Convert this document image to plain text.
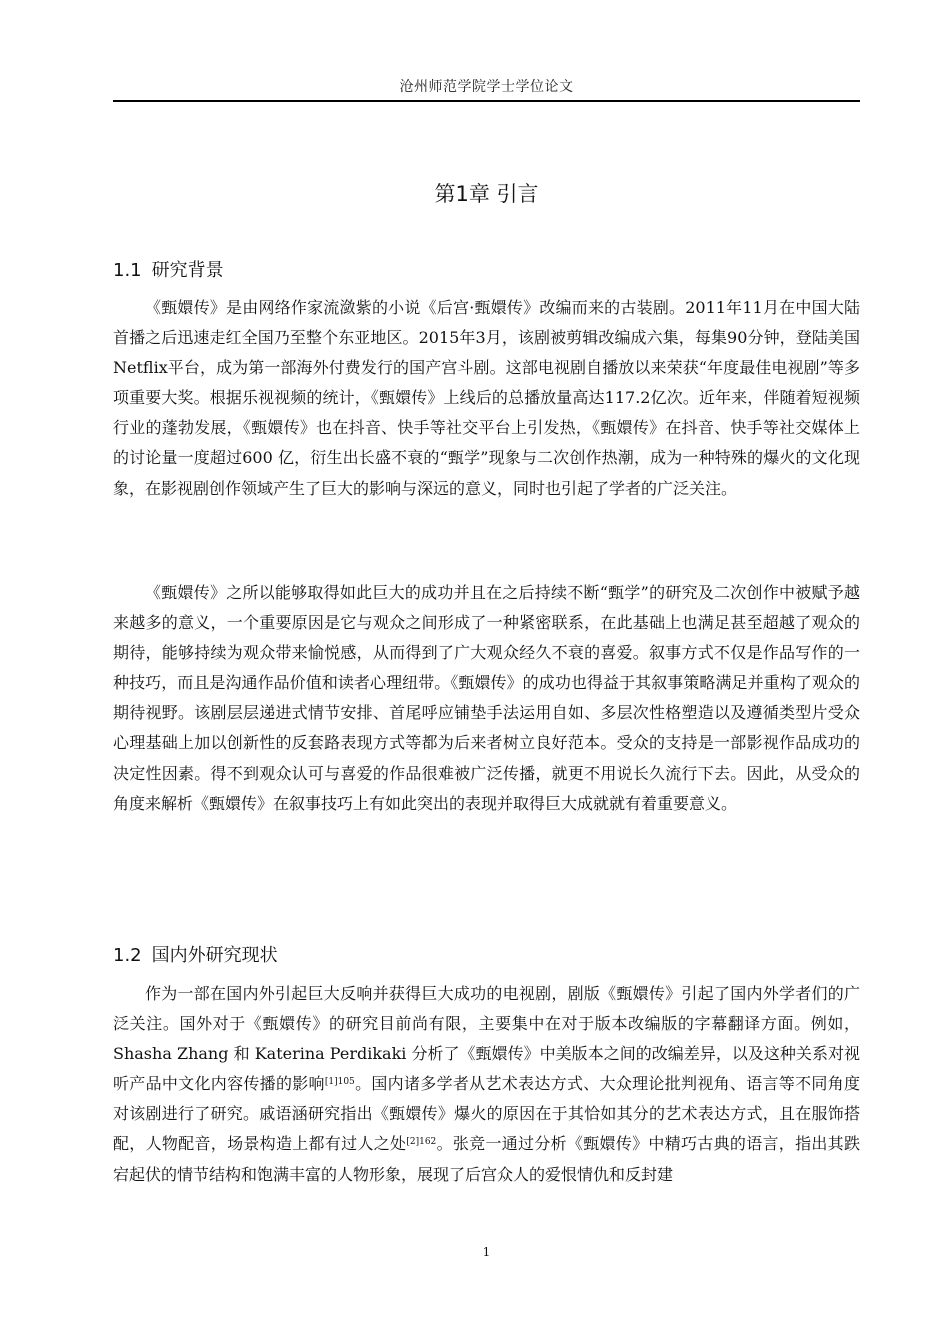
沧州师范学院学士学位论文
第1章 引言
1.1 研究背景

《甄嬛传》是由网络作家流潋紫的小说《后宫·甄嬛传》改编而来的古装剧。2011年11月在中国大陆首播之后迅速走红全国乃至整个东亚地区。2015年3月，该剧被剪辑改编成六集，每集90分钟，登陆美国Netflix平台，成为第一部海外付费发行的国产宫斗剧。这部电视剧自播放以来荣获“年度最佳电视剧”等多项重要大奖。根据乐视视频的统计，《甄嬛传》上线后的总播放量高达117.2亿次。近年来，伴随着短视频行业的蓬勃发展，《甄嬛传》也在抖音、快手等社交平台上引发热，《甄嬛传》在抖音、快手等社交媒体上的讨论量一度超过600 亿，衍生出长盛不衰的“甄学”现象与二次创作热潮，成为一种特殊的爆火的文化现象，在影视剧创作领域产生了巨大的影响与深远的意义，同时也引起了学者的广泛关注。

《甄嬛传》之所以能够取得如此巨大的成功并且在之后持续不断“甄学”的研究及二次创作中被赋予越来越多的意义，一个重要原因是它与观众之间形成了一种紧密联系，在此基础上也满足甚至超越了观众的期待，能够持续为观众带来愉悦感，从而得到了广大观众经久不衰的喜爱。叙事方式不仅是作品写作的一种技巧，而且是沟通作品价值和读者心理纽带。《甄嬛传》的成功也得益于其叙事策略满足并重构了观众的期待视野。该剧层层递进式情节安排、首尾呼应铺垫手法运用自如、多层次性格塑造以及遵循类型片受众心理基础上加以创新性的反套路表现方式等都为后来者树立良好范本。受众的支持是一部影视作品成功的决定性因素。得不到观众认可与喜爱的作品很难被广泛传播，就更不用说长久流行下去。因此，从受众的角度来解析《甄嬛传》在叙事技巧上有如此突出的表现并取得巨大成就就有着重要意义。

1.2 国内外研究现状

作为一部在国内外引起巨大反响并获得巨大成功的电视剧，剧版《甄嬛传》引起了国内外学者们的广泛关注。国外对于《甄嬛传》的研究目前尚有限，主要集中在对于版本改编版的字幕翻译方面。例如，Shasha Zhang 和 Katerina Perdikaki 分析了《甄嬛传》中美版本之间的改编差异，以及这种关系对视听产品中文化内容传播的影响$^{[1]105}$。国内诸多学者从艺术表达方式、大众理论批判视角、语言等不同角度对该剧进行了研究。戚语涵研究指出《甄嬛传》爆火的原因在于其恰如其分的艺术表达方式，且在服饰搭配，人物配音，场景构造上都有过人之处$^{[2]162}$。张竞一通过分析《甄嬛传》中精巧古典的语言，指出其跌宕起伏的情节结构和饱满丰富的人物形象，展现了后宫众人的爱恨情仇和反封建

1
